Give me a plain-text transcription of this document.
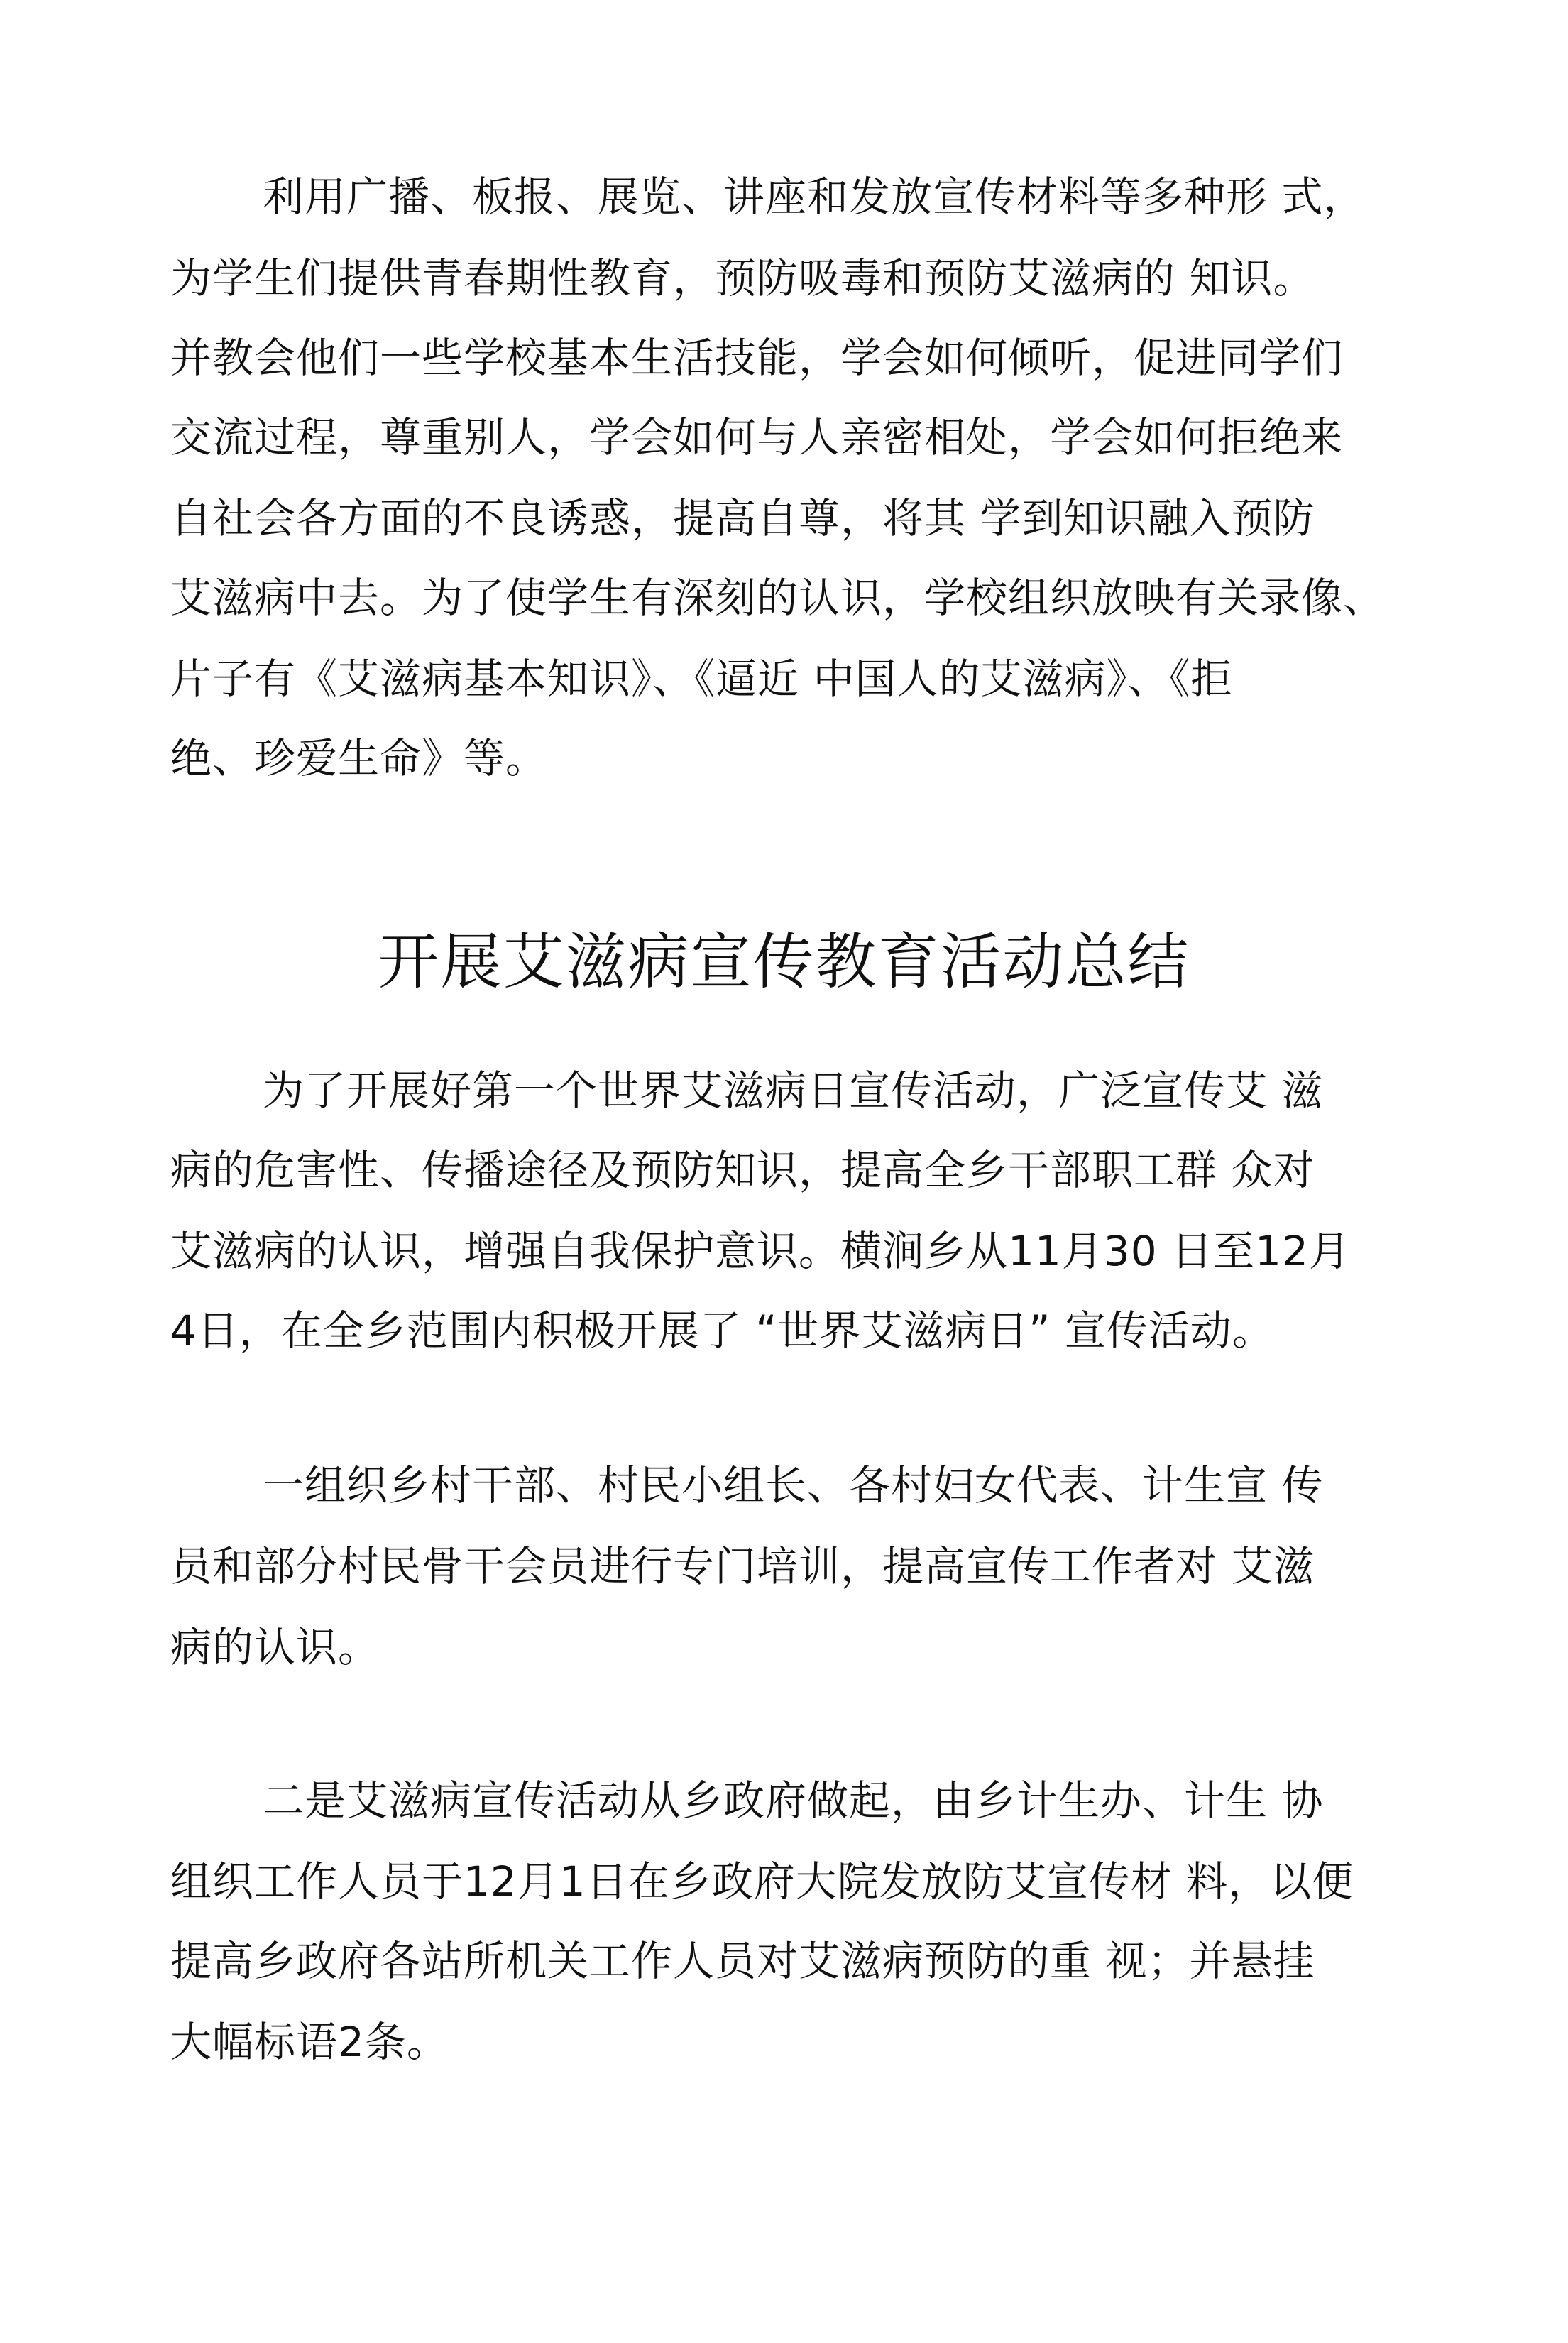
利用广播、板报、展览、讲座和发放宣传材料等多种形 式，
为学生们提供青春期性教育，预防吸毒和预防艾滋病的 知识。
并教会他们一些学校基本生活技能，学会如何倾听，促进同学们
交流过程，尊重别人，学会如何与人亲密相处，学会如何拒绝来
自社会各方面的不良诱惑，提高自尊，将其 学到知识融入预防
艾滋病中去。为了使学生有深刻的认识，学校组织放映有关录像、
片子有《艾滋病基本知识》、《逼近 中国人的艾滋病》、《拒
绝、珍爱生命》等。
开展艾滋病宣传教育活动总结
为了开展好第一个世界艾滋病日宣传活动，广泛宣传艾 滋
病的危害性、传播途径及预防知识，提高全乡干部职工群 众对
艾滋病的认识，增强自我保护意识。横涧乡从11月30 日至12月
4日，在全乡范围内积极开展了 “世界艾滋病日” 宣传活动。
一组织乡村干部、村民小组长、各村妇女代表、计生宣 传
员和部分村民骨干会员进行专门培训，提高宣传工作者对 艾滋
病的认识。
二是艾滋病宣传活动从乡政府做起，由乡计生办、计生 协
组织工作人员于12月1日在乡政府大院发放防艾宣传材 料，以便
提高乡政府各站所机关工作人员对艾滋病预防的重 视；并悬挂
大幅标语2条。
